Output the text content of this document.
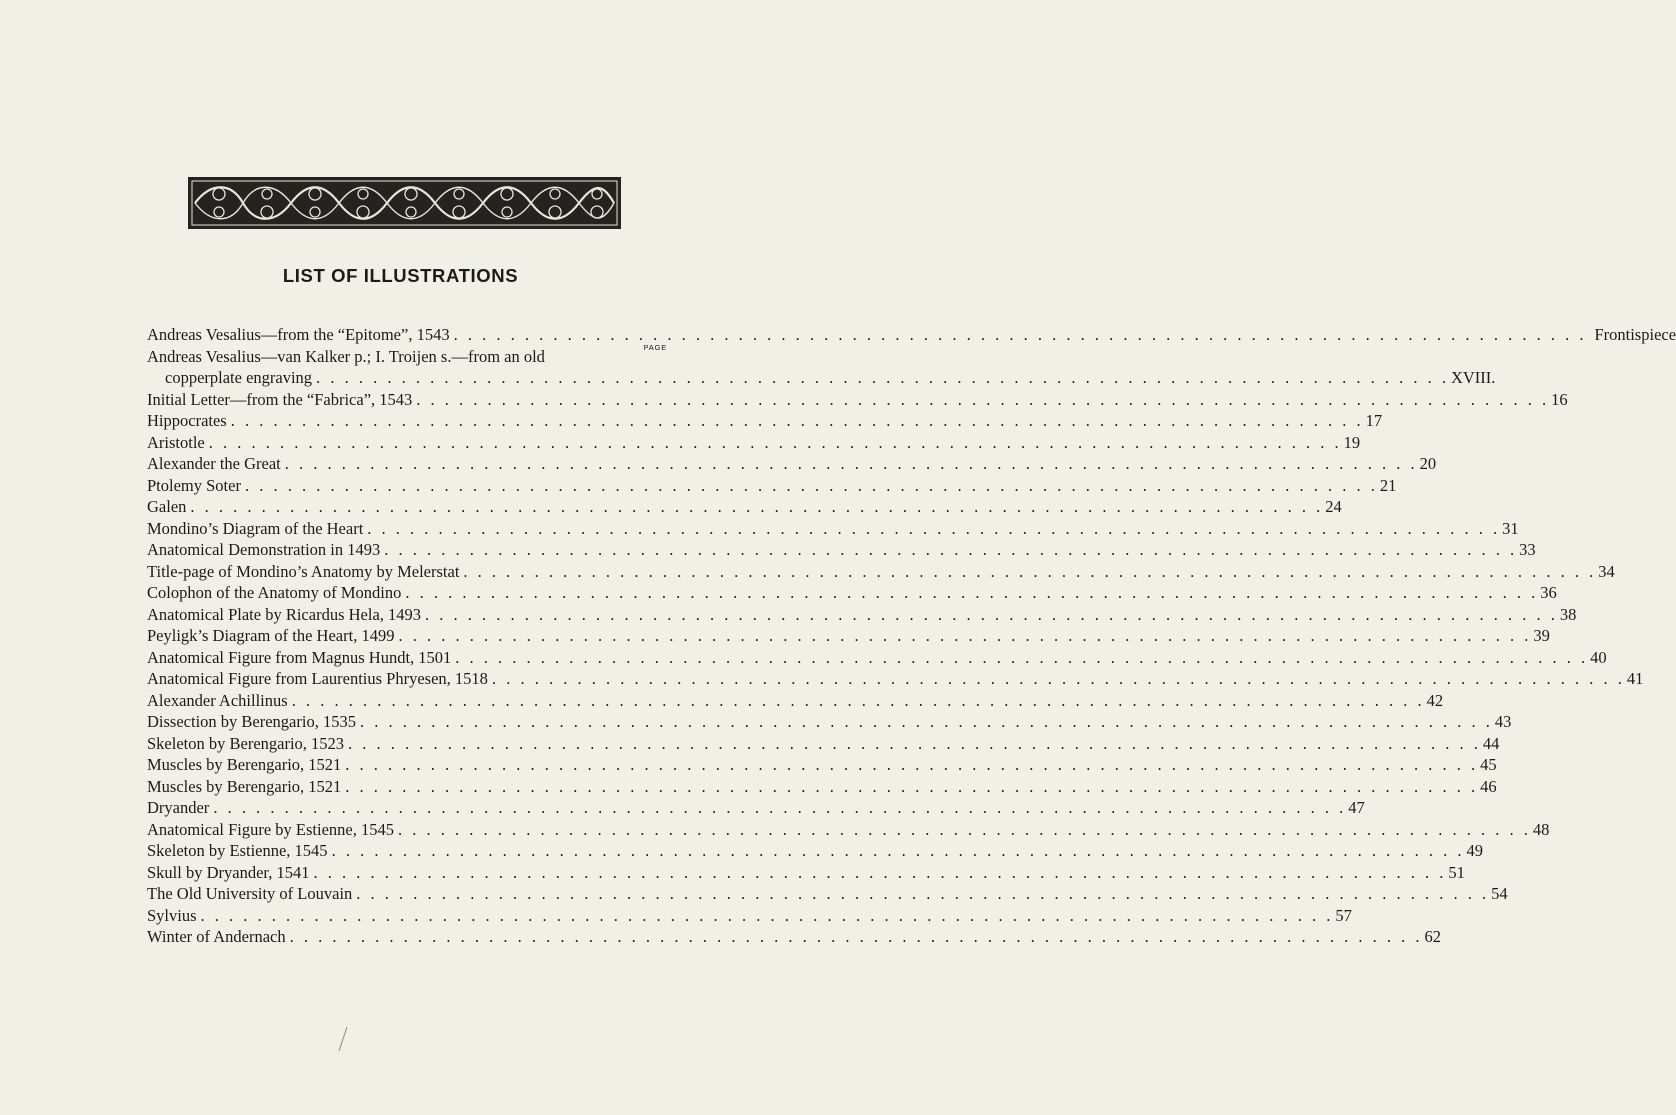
LIST OF ILLUSTRATIONS
PAGE
Andreas Vesalius—from the “Epitome”, 1543 . . . . . . . . . . . . . . . . . . . . . . . . . . . . . . . . . . . . . . . . . . . . . . . . . . . . . . . . . . . . . . . . . . . . . . . . . . . . . . . . Frontispiece
Andreas Vesalius—van Kalker p.; I. Troijen s.—from an old
copperplate engraving . . . . . . . . . . . . . . . . . . . . . . . . . . . . . . . . . . . . . . . . . . . . . . . . . . . . . . . . . . . . . . . . . . . . . . . . . . . . . . . . XVIII.
Initial Letter—from the “Fabrica”, 1543 . . . . . . . . . . . . . . . . . . . . . . . . . . . . . . . . . . . . . . . . . . . . . . . . . . . . . . . . . . . . . . . . . . . . . . . . . . . . . . . . 16
Hippocrates . . . . . . . . . . . . . . . . . . . . . . . . . . . . . . . . . . . . . . . . . . . . . . . . . . . . . . . . . . . . . . . . . . . . . . . . . . . . . . . . 17
Aristotle . . . . . . . . . . . . . . . . . . . . . . . . . . . . . . . . . . . . . . . . . . . . . . . . . . . . . . . . . . . . . . . . . . . . . . . . . . . . . . . . 19
Alexander the Great . . . . . . . . . . . . . . . . . . . . . . . . . . . . . . . . . . . . . . . . . . . . . . . . . . . . . . . . . . . . . . . . . . . . . . . . . . . . . . . . 20
Ptolemy Soter . . . . . . . . . . . . . . . . . . . . . . . . . . . . . . . . . . . . . . . . . . . . . . . . . . . . . . . . . . . . . . . . . . . . . . . . . . . . . . . . 21
Galen . . . . . . . . . . . . . . . . . . . . . . . . . . . . . . . . . . . . . . . . . . . . . . . . . . . . . . . . . . . . . . . . . . . . . . . . . . . . . . . . 24
Mondino’s Diagram of the Heart . . . . . . . . . . . . . . . . . . . . . . . . . . . . . . . . . . . . . . . . . . . . . . . . . . . . . . . . . . . . . . . . . . . . . . . . . . . . . . . . 31
Anatomical Demonstration in 1493 . . . . . . . . . . . . . . . . . . . . . . . . . . . . . . . . . . . . . . . . . . . . . . . . . . . . . . . . . . . . . . . . . . . . . . . . . . . . . . . . 33
Title-page of Mondino’s Anatomy by Melerstat . . . . . . . . . . . . . . . . . . . . . . . . . . . . . . . . . . . . . . . . . . . . . . . . . . . . . . . . . . . . . . . . . . . . . . . . . . . . . . . . 34
Colophon of the Anatomy of Mondino . . . . . . . . . . . . . . . . . . . . . . . . . . . . . . . . . . . . . . . . . . . . . . . . . . . . . . . . . . . . . . . . . . . . . . . . . . . . . . . . 36
Anatomical Plate by Ricardus Hela, 1493 . . . . . . . . . . . . . . . . . . . . . . . . . . . . . . . . . . . . . . . . . . . . . . . . . . . . . . . . . . . . . . . . . . . . . . . . . . . . . . . . 38
Peyligk’s Diagram of the Heart, 1499 . . . . . . . . . . . . . . . . . . . . . . . . . . . . . . . . . . . . . . . . . . . . . . . . . . . . . . . . . . . . . . . . . . . . . . . . . . . . . . . . 39
Anatomical Figure from Magnus Hundt, 1501 . . . . . . . . . . . . . . . . . . . . . . . . . . . . . . . . . . . . . . . . . . . . . . . . . . . . . . . . . . . . . . . . . . . . . . . . . . . . . . . . 40
Anatomical Figure from Laurentius Phryesen, 1518 . . . . . . . . . . . . . . . . . . . . . . . . . . . . . . . . . . . . . . . . . . . . . . . . . . . . . . . . . . . . . . . . . . . . . . . . . . . . . . . . 41
Alexander Achillinus . . . . . . . . . . . . . . . . . . . . . . . . . . . . . . . . . . . . . . . . . . . . . . . . . . . . . . . . . . . . . . . . . . . . . . . . . . . . . . . . 42
Dissection by Berengario, 1535 . . . . . . . . . . . . . . . . . . . . . . . . . . . . . . . . . . . . . . . . . . . . . . . . . . . . . . . . . . . . . . . . . . . . . . . . . . . . . . . . 43
Skeleton by Berengario, 1523 . . . . . . . . . . . . . . . . . . . . . . . . . . . . . . . . . . . . . . . . . . . . . . . . . . . . . . . . . . . . . . . . . . . . . . . . . . . . . . . . 44
Muscles by Berengario, 1521 . . . . . . . . . . . . . . . . . . . . . . . . . . . . . . . . . . . . . . . . . . . . . . . . . . . . . . . . . . . . . . . . . . . . . . . . . . . . . . . . 45
Muscles by Berengario, 1521 . . . . . . . . . . . . . . . . . . . . . . . . . . . . . . . . . . . . . . . . . . . . . . . . . . . . . . . . . . . . . . . . . . . . . . . . . . . . . . . . 46
Dryander . . . . . . . . . . . . . . . . . . . . . . . . . . . . . . . . . . . . . . . . . . . . . . . . . . . . . . . . . . . . . . . . . . . . . . . . . . . . . . . . 47
Anatomical Figure by Estienne, 1545 . . . . . . . . . . . . . . . . . . . . . . . . . . . . . . . . . . . . . . . . . . . . . . . . . . . . . . . . . . . . . . . . . . . . . . . . . . . . . . . . 48
Skeleton by Estienne, 1545 . . . . . . . . . . . . . . . . . . . . . . . . . . . . . . . . . . . . . . . . . . . . . . . . . . . . . . . . . . . . . . . . . . . . . . . . . . . . . . . . 49
Skull by Dryander, 1541 . . . . . . . . . . . . . . . . . . . . . . . . . . . . . . . . . . . . . . . . . . . . . . . . . . . . . . . . . . . . . . . . . . . . . . . . . . . . . . . . 51
The Old University of Louvain . . . . . . . . . . . . . . . . . . . . . . . . . . . . . . . . . . . . . . . . . . . . . . . . . . . . . . . . . . . . . . . . . . . . . . . . . . . . . . . . 54
Sylvius . . . . . . . . . . . . . . . . . . . . . . . . . . . . . . . . . . . . . . . . . . . . . . . . . . . . . . . . . . . . . . . . . . . . . . . . . . . . . . . . 57
Winter of Andernach . . . . . . . . . . . . . . . . . . . . . . . . . . . . . . . . . . . . . . . . . . . . . . . . . . . . . . . . . . . . . . . . . . . . . . . . . . . . . . . . 62
